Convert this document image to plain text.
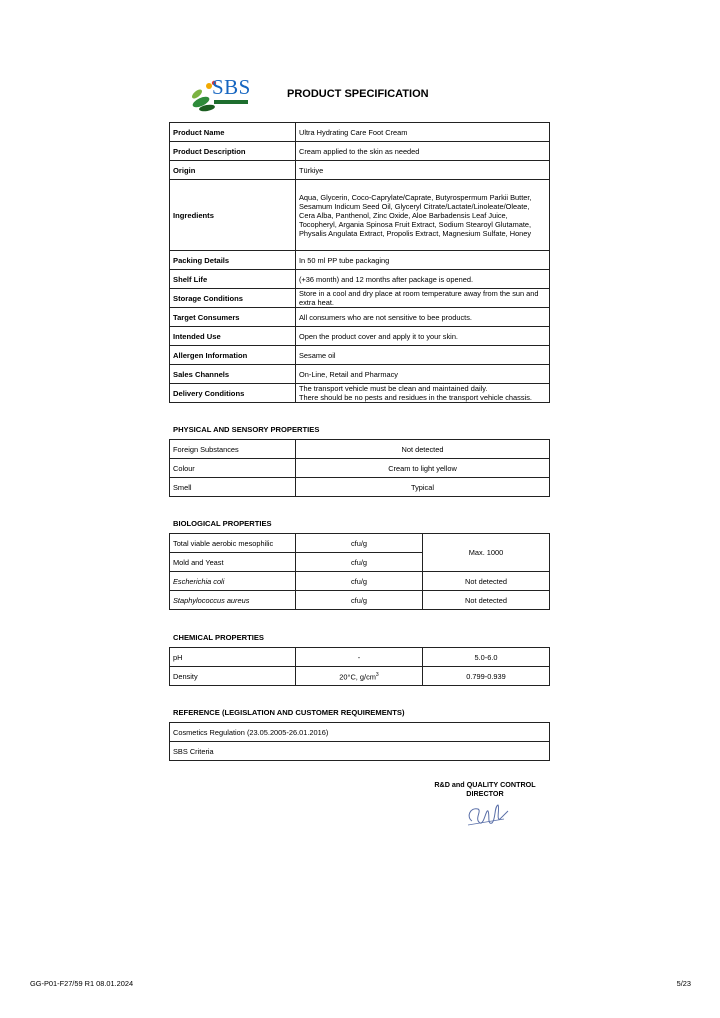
SBS	PRODUCT SPECIFICATION
Product Name	Ultra Hydrating Care Foot Cream
Product Description	Cream applied to the skin as needed
Origin	Türkiye
Ingredients	Aqua, Glycerin, Coco-Caprylate/Caprate, Butyrospermum Parkii Butter, Sesamum Indicum Seed Oil, Glyceryl Citrate/Lactate/Linoleate/Oleate, Cera Alba, Panthenol, Zinc Oxide, Aloe Barbadensis Leaf Juice, Tocopheryl, Argania Spinosa Fruit Extract, Sodium Stearoyl Glutamate, Physalis Angulata Extract, Propolis Extract, Magnesium Sulfate, Honey
Packing Details	In 50 ml PP tube packaging
Shelf Life	(+36 month) and 12 months after package is opened.
Storage Conditions	Store in a cool and dry place at room temperature away from the sun and extra heat.
Target Consumers	All consumers who are not sensitive to bee products.
Intended Use	Open the product cover and apply it to your skin.
Allergen Information	Sesame oil
Sales Channels	On-Line, Retail and Pharmacy
Delivery Conditions	The transport vehicle must be clean and maintained daily.
There should be no pests and residues in the transport vehicle chassis.
PHYSICAL AND SENSORY PROPERTIES
Foreign Substances	Not detected
Colour	Cream to light yellow
Smell	Typical
BIOLOGICAL PROPERTIES
Total viable aerobic mesophilic	cfu/g	Max. 1000
Mold and Yeast	cfu/g	
Escherichia coli	cfu/g	Not detected
Staphylococcus aureus	cfu/g	Not detected
CHEMICAL PROPERTIES
pH	-	5.0-6.0
Density	20°C, $g/cm^3$	0.799-0.939
REFERENCE (LEGISLATION AND CUSTOMER REQUIREMENTS)
Cosmetics Regulation (23.05.2005-26.01.2016)
SBS Criteria
R&D and QUALITY CONTROL
DIRECTOR
GG-P01-F27/59 R1 08.01.2024	5/23
